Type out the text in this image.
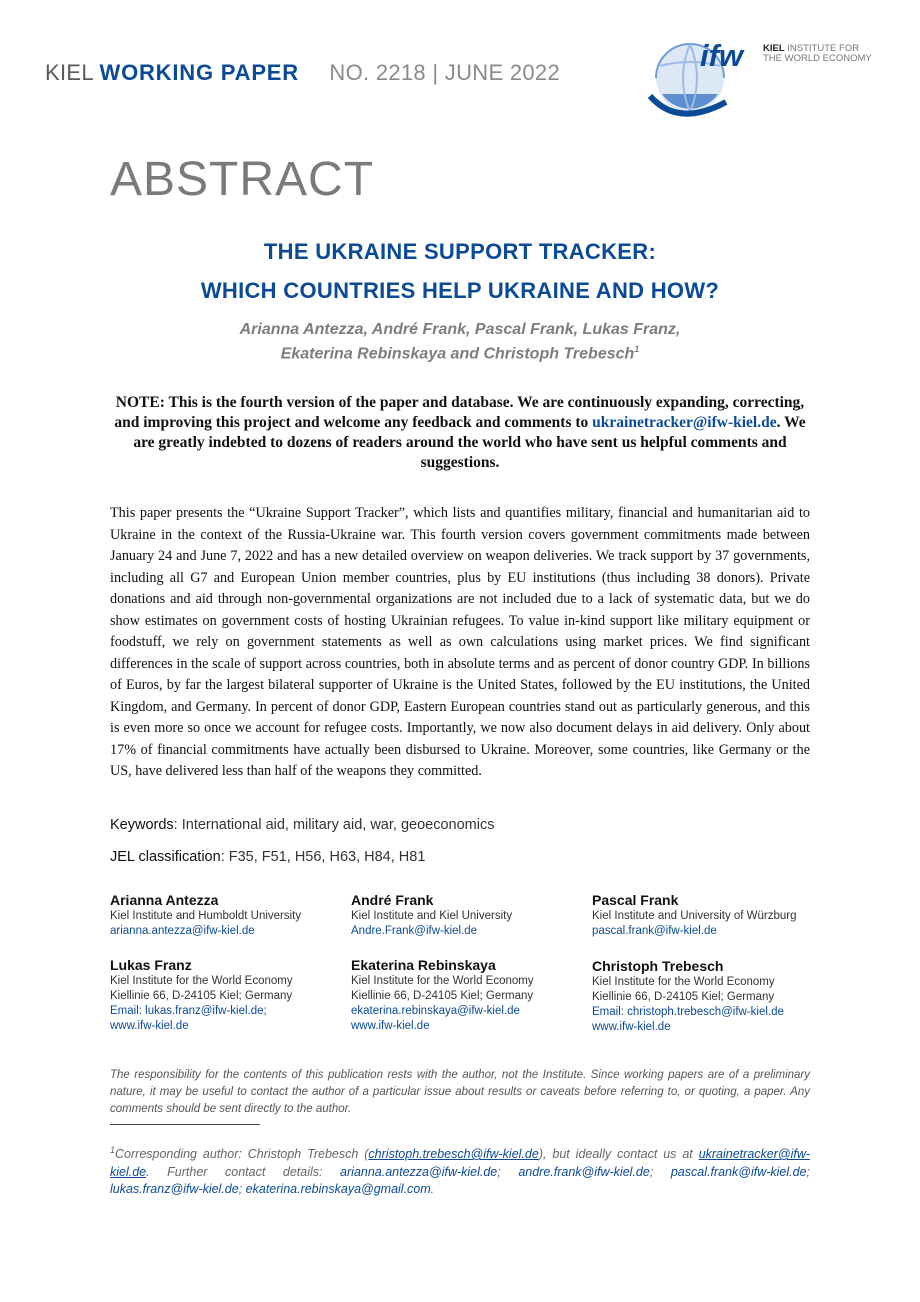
KIEL WORKING PAPER NO. 2218 | JUNE 2022	ifw KIEL INSTITUTE FOR
THE WORLD ECONOMY
ABSTRACT
THE UKRAINE SUPPORT TRACKER:
WHICH COUNTRIES HELP UKRAINE AND HOW?
Arianna Antezza, André Frank, Pascal Frank, Lukas Franz,
Ekaterina Rebinskaya and Christoph Trebesch$^1$
NOTE: This is the fourth version of the paper and database. We are continuously expanding, correcting, and improving this project and welcome any feedback and comments to ukrainetracker@ifw-kiel.de. We are greatly indebted to dozens of readers around the world who have sent us helpful comments and suggestions.

This paper presents the “Ukraine Support Tracker”, which lists and quantifies military, financial and humanitarian aid to Ukraine in the context of the Russia-Ukraine war. This fourth version covers government commitments made between January 24 and June 7, 2022 and has a new detailed overview on weapon deliveries. We track support by 37 governments, including all G7 and European Union member countries, plus by EU institutions (thus including 38 donors). Private donations and aid through non-governmental organizations are not included due to a lack of systematic data, but we do show estimates on government costs of hosting Ukrainian refugees. To value in-kind support like military equipment or foodstuff, we rely on government statements as well as own calculations using market prices. We find significant differences in the scale of support across countries, both in absolute terms and as percent of donor country GDP. In billions of Euros, by far the largest bilateral supporter of Ukraine is the United States, followed by the EU institutions, the United Kingdom, and Germany. In percent of donor GDP, Eastern European countries stand out as particularly generous, and this is even more so once we account for refugee costs. Importantly, we now also document delays in aid delivery. Only about 17% of financial commitments have actually been disbursed to Ukraine. Moreover, some countries, like Germany or the US, have delivered less than half of the weapons they committed.

Keywords: International aid, military aid, war, geoeconomics
JEL classification: F35, F51, H56, H63, H84, H81
Arianna Antezza
Kiel Institute and Humboldt University
arianna.antezza@ifw-kiel.de
André Frank
Kiel Institute and Kiel University
Andre.Frank@ifw-kiel.de
Pascal Frank
Kiel Institute and University of Würzburg
pascal.frank@ifw-kiel.de
Lukas Franz
Kiel Institute for the World Economy
Kiellinie 66, D-24105 Kiel; Germany
Email: lukas.franz@ifw-kiel.de;
www.ifw-kiel.de
Ekaterina Rebinskaya
Kiel Institute for the World Economy
Kiellinie 66, D-24105 Kiel; Germany
ekaterina.rebinskaya@ifw-kiel.de
www.ifw-kiel.de
Christoph Trebesch
Kiel Institute for the World Economy
Kiellinie 66, D-24105 Kiel; Germany
Email: christoph.trebesch@ifw-kiel.de
www.ifw-kiel.de

The responsibility for the contents of this publication rests with the author, not the Institute. Since working papers are of a preliminary nature, it may be useful to contact the author of a particular issue about results or caveats before referring to, or quoting, a paper. Any comments should be sent directly to the author.

$^1$Corresponding author: Christoph Trebesch (christoph.trebesch@ifw-kiel.de), but ideally contact us at ukrainetracker@ifw-kiel.de. Further contact details: arianna.antezza@ifw-kiel.de; andre.frank@ifw-kiel.de; pascal.frank@ifw-kiel.de; lukas.franz@ifw-kiel.de; ekaterina.rebinskaya@gmail.com.
